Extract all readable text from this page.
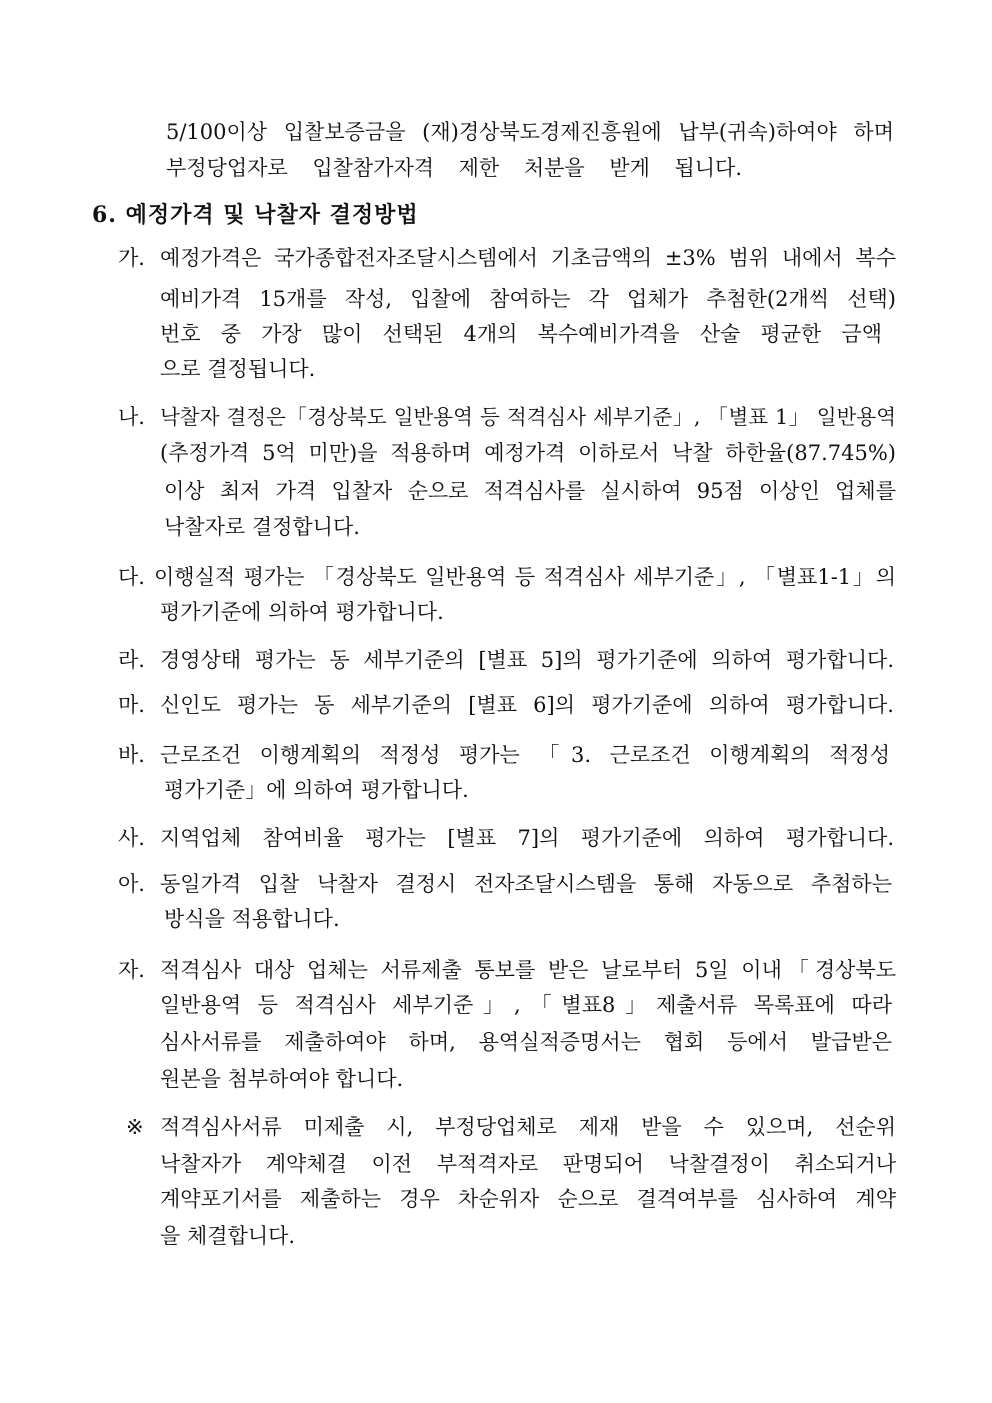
5/100이상 입찰보증금을 (재)경상북도경제진흥원에 납부(귀속)하여야 하며
부정당업자로 입찰참가자격 제한 처분을 받게 됩니다.
6. 예정가격 및 낙찰자 결정방법
가. 예정가격은 국가종합전자조달시스템에서 기초금액의 ±3% 범위 내에서 복수
예비가격 15개를 작성, 입찰에 참여하는 각 업체가 추첨한(2개씩 선택)
번호 중 가장 많이 선택된 4개의 복수예비가격을 산술 평균한 금액
으로 결정됩니다.
나. 낙찰자 결정은「경상북도 일반용역 등 적격심사 세부기준」, 「별표 1」 일반용역
(추정가격 5억 미만)을 적용하며 예정가격 이하로서 낙찰 하한율(87.745%)
이상 최저 가격 입찰자 순으로 적격심사를 실시하여 95점 이상인 업체를
낙찰자로 결정합니다.
다. 이행실적 평가는 「경상북도 일반용역 등 적격심사 세부기준」, 「별표1-1」의
평가기준에 의하여 평가합니다.
라. 경영상태 평가는 동 세부기준의 [별표 5]의 평가기준에 의하여 평가합니다.
마. 신인도 평가는 동 세부기준의 [별표 6]의 평가기준에 의하여 평가합니다.
바. 근로조건 이행계획의 적정성 평가는 「3. 근로조건 이행계획의 적정성
평가기준」에 의하여 평가합니다.
사. 지역업체 참여비율 평가는 [별표 7]의 평가기준에 의하여 평가합니다.
아. 동일가격 입찰 낙찰자 결정시 전자조달시스템을 통해 자동으로 추첨하는
방식을 적용합니다.
자. 적격심사 대상 업체는 서류제출 통보를 받은 날로부터 5일 이내「경상북도
일반용역 등 적격심사 세부기준」,「별표8」제출서류 목록표에 따라
심사서류를 제출하여야 하며, 용역실적증명서는 협회 등에서 발급받은
원본을 첨부하여야 합니다.
※ 적격심사서류 미제출 시, 부정당업체로 제재 받을 수 있으며, 선순위
낙찰자가 계약체결 이전 부적격자로 판명되어 낙찰결정이 취소되거나
계약포기서를 제출하는 경우 차순위자 순으로 결격여부를 심사하여 계약
을 체결합니다.
